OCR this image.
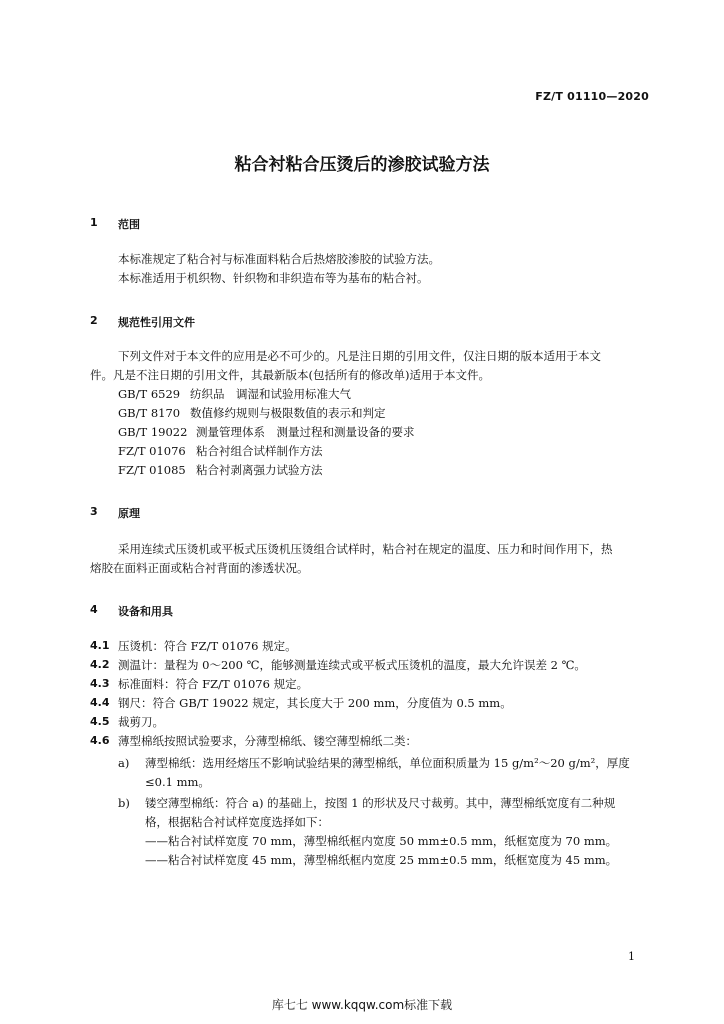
FZ/T 01110—2020
粘合衬粘合压烫后的渗胶试验方法
1 范围
本标准规定了粘合衬与标准面料粘合后热熔胶渗胶的试验方法。
本标准适用于机织物、针织物和非织造布等为基布的粘合衬。
2 规范性引用文件
下列文件对于本文件的应用是必不可少的。凡是注日期的引用文件，仅注日期的版本适用于本文
件。凡是不注日期的引用文件，其最新版本(包括所有的修改单)适用于本文件。
GB/T 6529 纺织品　调湿和试验用标准大气
GB/T 8170 数值修约规则与极限数值的表示和判定
GB/T 19022 测量管理体系　测量过程和测量设备的要求
FZ/T 01076 粘合衬组合试样制作方法
FZ/T 01085 粘合衬剥离强力试验方法
3 原理
采用连续式压烫机或平板式压烫机压烫组合试样时，粘合衬在规定的温度、压力和时间作用下，热
熔胶在面料正面或粘合衬背面的渗透状况。
4 设备和用具
4.1 压烫机：符合 FZ/T 01076 规定。
4.2 测温计：量程为 0～200 ℃，能够测量连续式或平板式压烫机的温度，最大允许误差 2 ℃。
4.3 标准面料：符合 FZ/T 01076 规定。
4.4 钢尺：符合 GB/T 19022 规定，其长度大于 200 mm，分度值为 0.5 mm。
4.5 裁剪刀。
4.6 薄型棉纸按照试验要求，分薄型棉纸、镂空薄型棉纸二类：
a) 薄型棉纸：选用经熔压不影响试验结果的薄型棉纸，单位面积质量为 15 g/m²～20 g/m²，厚度
≤0.1 mm。
b) 镂空薄型棉纸：符合 a) 的基础上，按图 1 的形状及尺寸裁剪。其中，薄型棉纸宽度有二种规
格，根据粘合衬试样宽度选择如下：
——粘合衬试样宽度 70 mm，薄型棉纸框内宽度 50 mm±0.5 mm，纸框宽度为 70 mm。
——粘合衬试样宽度 45 mm，薄型棉纸框内宽度 25 mm±0.5 mm，纸框宽度为 45 mm。
1
库七七 www.kqqw.com标准下载
